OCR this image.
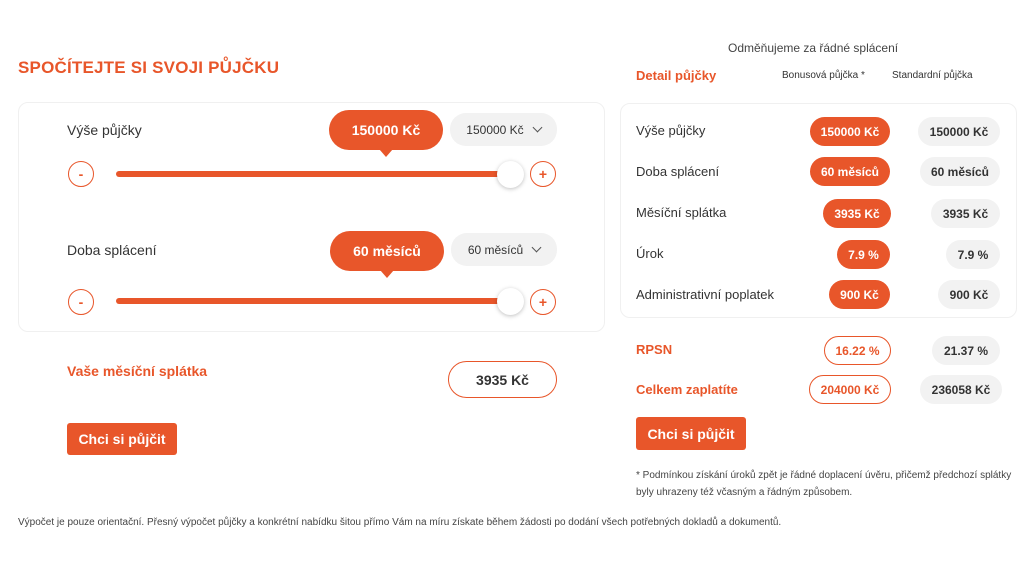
SPOČÍTEJTE SI SVOJI PŮJČKU
Výše půjčky	150000 Kč	150000 Kč
-	+
Doba splácení	60 měsíců	60 měsíců
-	+
Vaše měsíční splátka
3935 Kč
Chci si půjčit
Výpočet je pouze orientační. Přesný výpočet půjčky a konkrétní nabídku šitou přímo Vám na míru získate během žádosti po dodání všech potřebných dokladů a dokumentů.
Odměňujeme za řádné splácení
Detail půjčky	Bonusová půjčka *	Standardní půjčka
Výše půjčky	150000 Kč	150000 Kč
Doba splácení	60 měsíců	60 měsíců
Měsíční splátka	3935 Kč	3935 Kč
Úrok	7.9 %	7.9 %
Administrativní poplatek	900 Kč	900 Kč
RPSN	16.22 %	21.37 %
Celkem zaplatíte	204000 Kč	236058 Kč
Chci si půjčit
* Podmínkou získání úroků zpět je řádné doplacení úvěru, přičemž předchozí splátky byly uhrazeny též včasným a řádným způsobem.
